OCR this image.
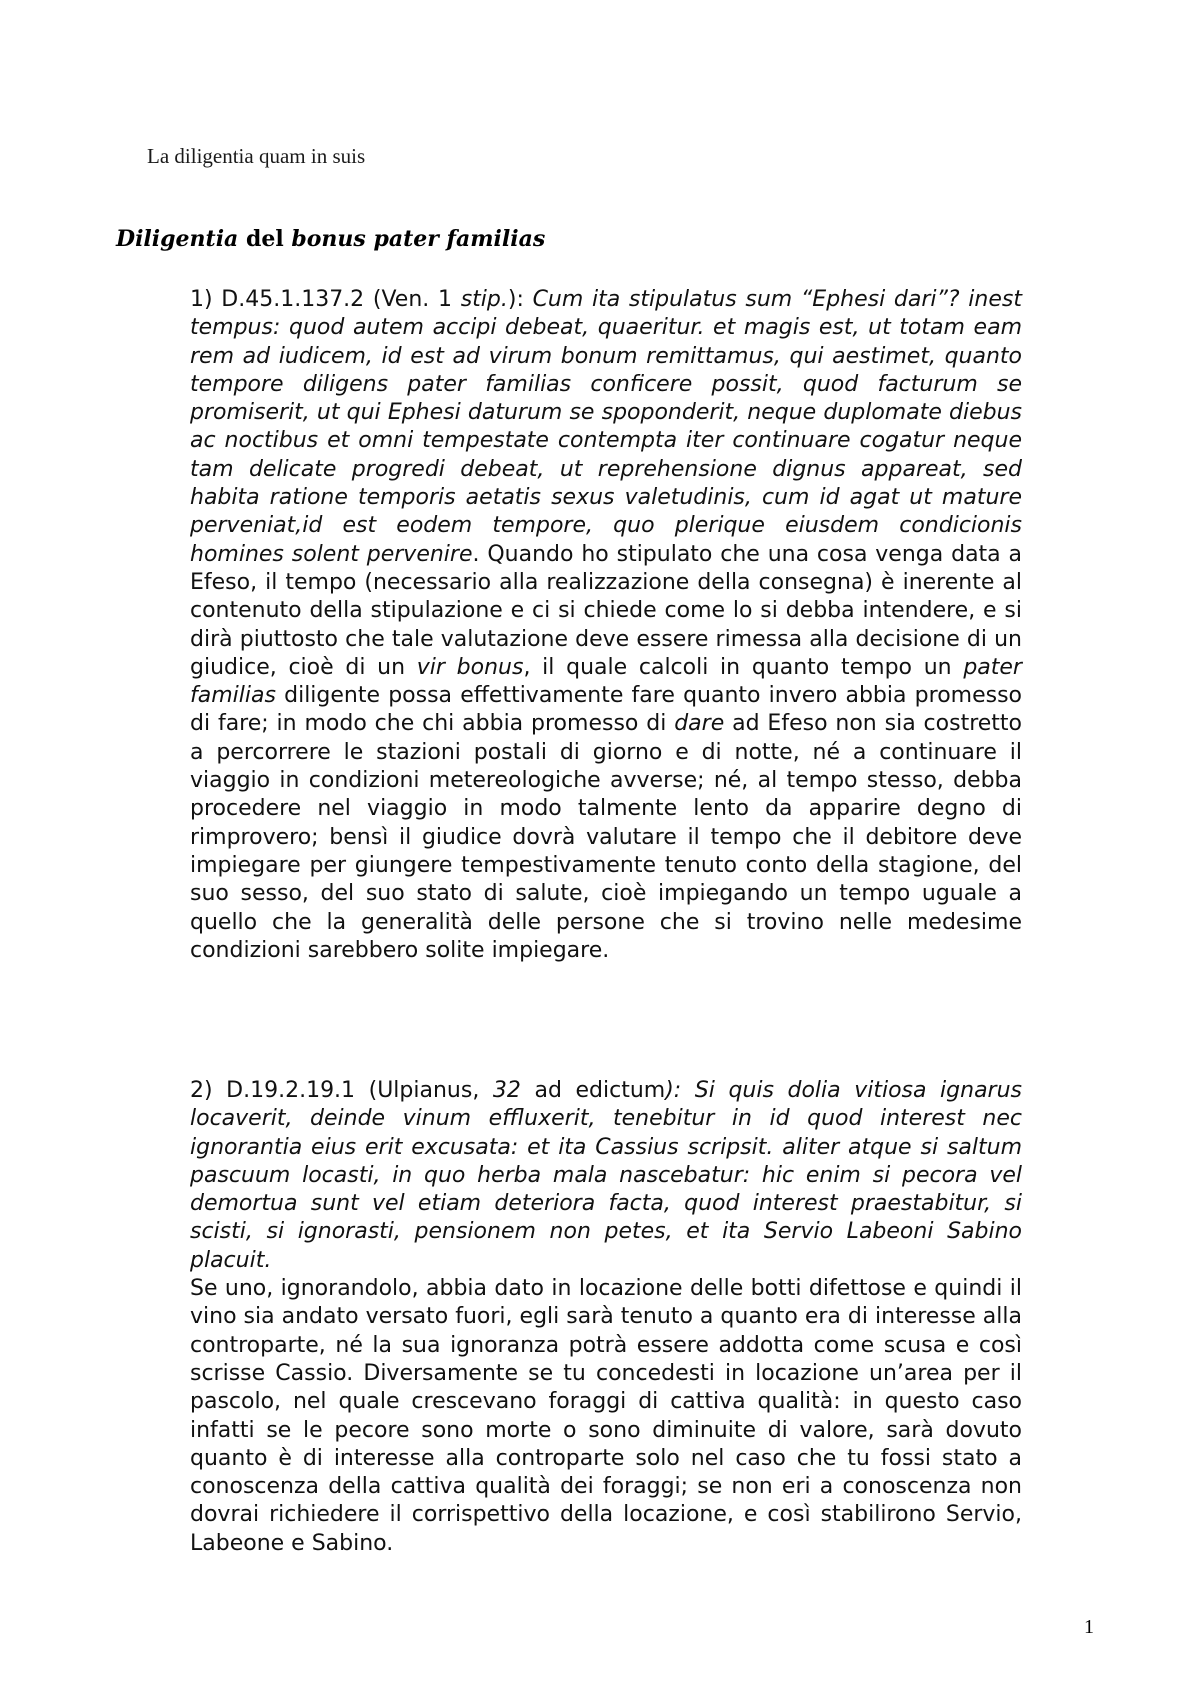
La diligentia quam in suis
Diligentia del bonus pater familias
1) D.45.1.137.2 (Ven. 1 stip.): Cum ita stipulatus sum “Ephesi dari”? inest tempus: quod autem accipi debeat, quaeritur. et magis est, ut totam eam rem ad iudicem, id est ad virum bonum remittamus, qui aestimet, quanto tempore diligens pater familias conficere possit, quod facturum se promiserit, ut qui Ephesi daturum se spoponderit, neque duplomate diebus ac noctibus et omni tempestate contempta iter continuare cogatur neque tam delicate progredi debeat, ut reprehensione dignus appareat, sed habita ratione temporis aetatis sexus valetudinis, cum id agat ut mature perveniat,id est eodem tempore, quo plerique eiusdem condicionis homines solent pervenire. Quando ho stipulato che una cosa venga data a Efeso, il tempo (necessario alla realizzazione della consegna) è inerente al contenuto della stipulazione e ci si chiede come lo si debba intendere, e si dirà piuttosto che tale valutazione deve essere rimessa alla decisione di un giudice, cioè di un vir bonus, il quale calcoli in quanto tempo un pater familias diligente possa effettivamente fare quanto invero abbia promesso di fare; in modo che chi abbia promesso di dare ad Efeso non sia costretto a percorrere le stazioni postali di giorno e di notte, né a continuare il viaggio in condizioni metereologiche avverse; né, al tempo stesso, debba procedere nel viaggio in modo talmente lento da apparire degno di rimprovero; bensì il giudice dovrà valutare il tempo che il debitore deve impiegare per giungere tempestivamente tenuto conto della stagione, del suo sesso, del suo stato di salute, cioè impiegando un tempo uguale a quello che la generalità delle persone che si trovino nelle medesime condizioni sarebbero solite impiegare.
2) D.19.2.19.1 (Ulpianus, 32 ad edictum): Si quis dolia vitiosa ignarus locaverit, deinde vinum effluxerit, tenebitur in id quod interest nec ignorantia eius erit excusata: et ita Cassius scripsit. aliter atque si saltum pascuum locasti, in quo herba mala nascebatur: hic enim si pecora vel demortua sunt vel etiam deteriora facta, quod interest praestabitur, si scisti, si ignorasti, pensionem non petes, et ita Servio Labeoni Sabino placuit.
Se uno, ignorandolo, abbia dato in locazione delle botti difettose e quindi il vino sia andato versato fuori, egli sarà tenuto a quanto era di interesse alla controparte, né la sua ignoranza potrà essere addotta come scusa e così scrisse Cassio. Diversamente se tu concedesti in locazione un’area per il pascolo, nel quale crescevano foraggi di cattiva qualità: in questo caso infatti se le pecore sono morte o sono diminuite di valore, sarà dovuto quanto è di interesse alla controparte solo nel caso che tu fossi stato a conoscenza della cattiva qualità dei foraggi; se non eri a conoscenza non dovrai richiedere il corrispettivo della locazione, e così stabilirono Servio, Labeone e Sabino.
1
